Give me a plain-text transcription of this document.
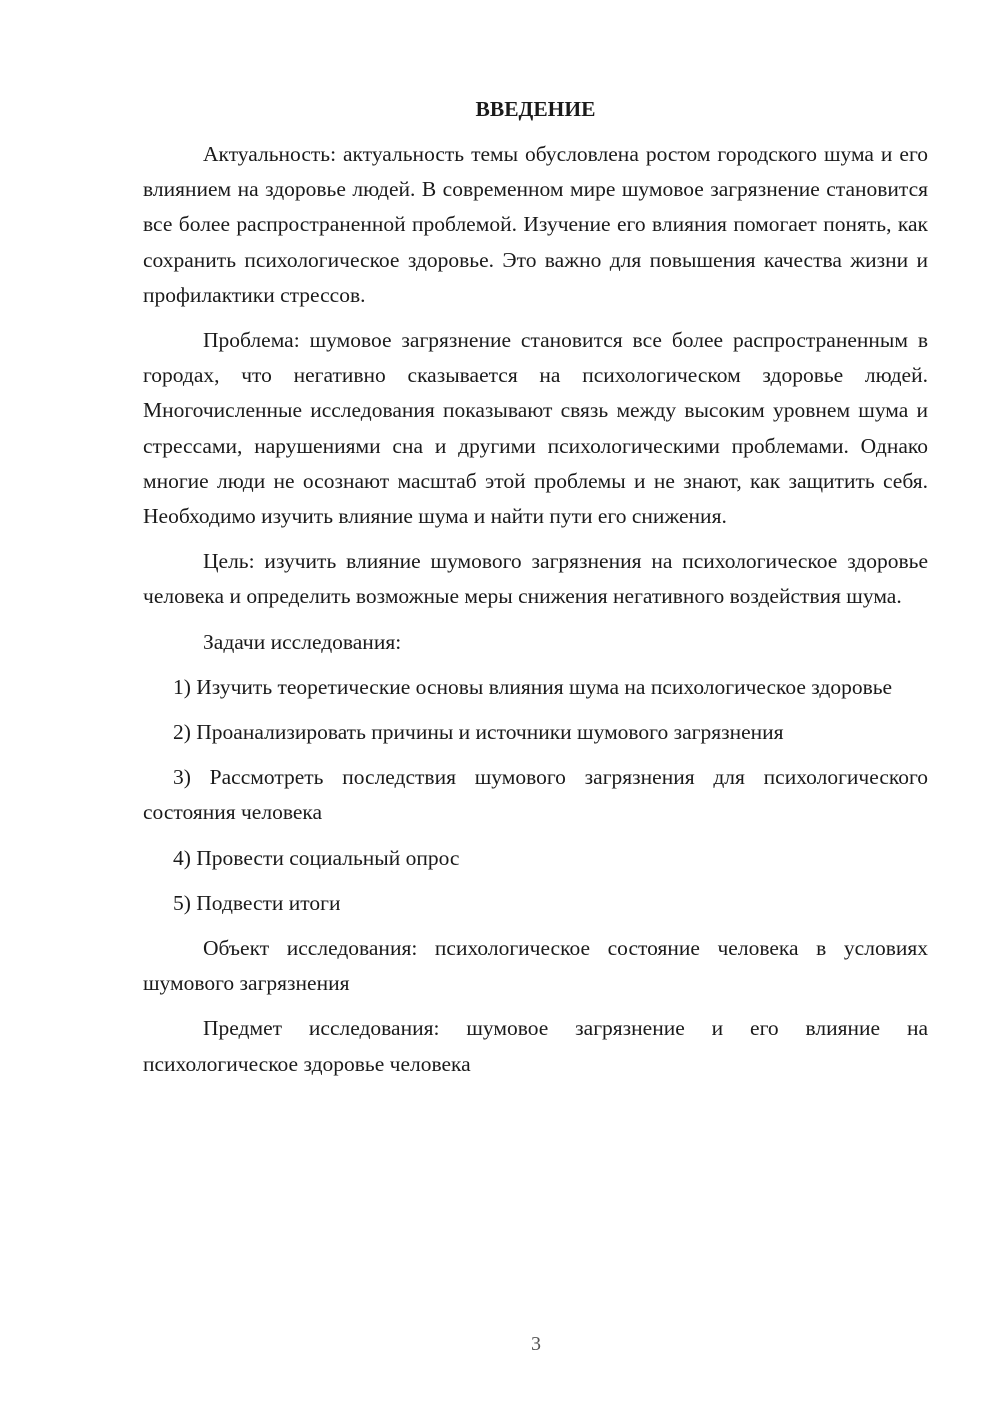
ВВЕДЕНИЕ
Актуальность: актуальность темы обусловлена ростом городского шума и его влиянием на здоровье людей. В современном мире шумовое загрязнение становится все более распространенной проблемой. Изучение его влияния помогает понять, как сохранить психологическое здоровье. Это важно для повышения качества жизни и профилактики стрессов.
Проблема: шумовое загрязнение становится все более распространенным в городах, что негативно сказывается на психологическом здоровье людей. Многочисленные исследования показывают связь между высоким уровнем шума и стрессами, нарушениями сна и другими психологическими проблемами. Однако многие люди не осознают масштаб этой проблемы и не знают, как защитить себя. Необходимо изучить влияние шума и найти пути его снижения.
Цель: изучить влияние шумового загрязнения на психологическое здоровье человека и определить возможные меры снижения негативного воздействия шума.
Задачи исследования:
1) Изучить теоретические основы влияния шума на психологическое здоровье
2) Проанализировать причины и источники шумового загрязнения
3) Рассмотреть последствия шумового загрязнения для психологического состояния человека
4) Провести социальный опрос
5) Подвести итоги
Объект исследования: психологическое состояние человека в условиях шумового загрязнения
Предмет исследования: шумовое загрязнение и его влияние на психологическое здоровье человека
3
